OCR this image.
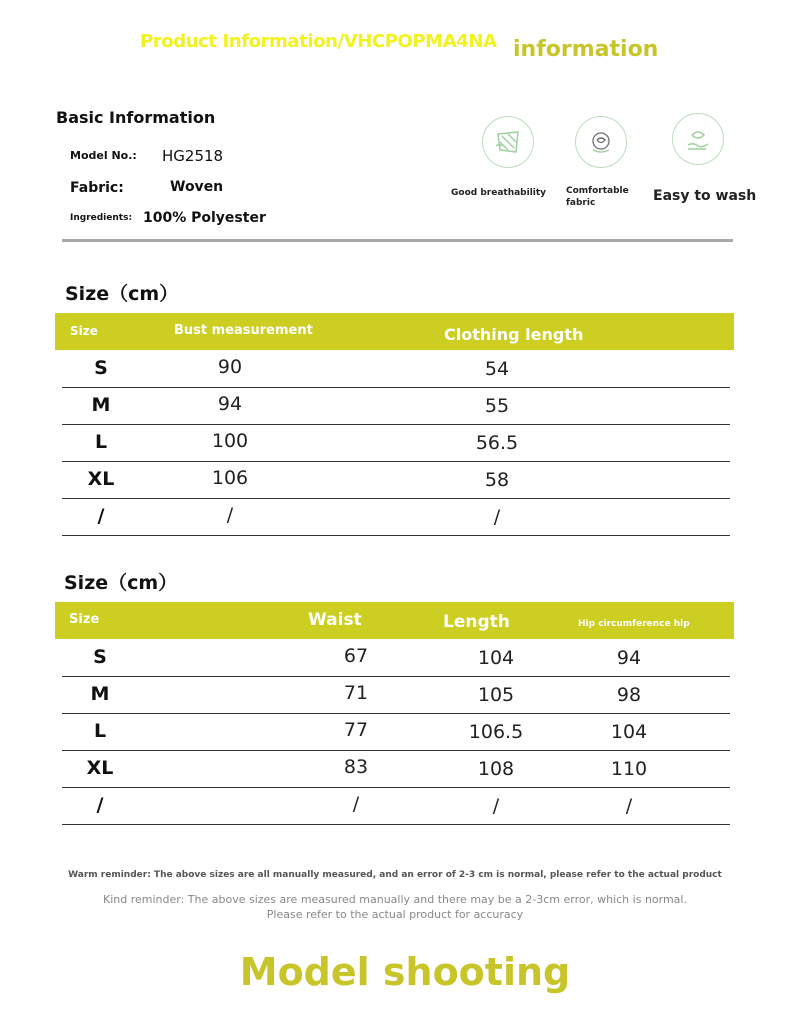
Product Information/VHCPOPMA4NA information
Basic Information
Model No.: HG2518
Fabric:	Woven
Ingredients: 100% Polyester
Good breathability Comfortable fabric	Easy to wash
Size（cm）
Size	Bust measurement	Clothing length
S	90	54
M	94	55
L	100	56.5
XL	106	58
/	/	/
Size（cm）
Size	Waist	Length	Hip circumference hip
S	67	104	94
M	71	105	98
L	77	106.5	104
XL	83	108	110
/	/	/	/
Warm reminder: The above sizes are all manually measured, and an error of 2-3 cm is normal, please refer to the actual product
Kind reminder: The above sizes are measured manually and there may be a 2-3cm error, which is normal.
Please refer to the actual product for accuracy
Model shooting
